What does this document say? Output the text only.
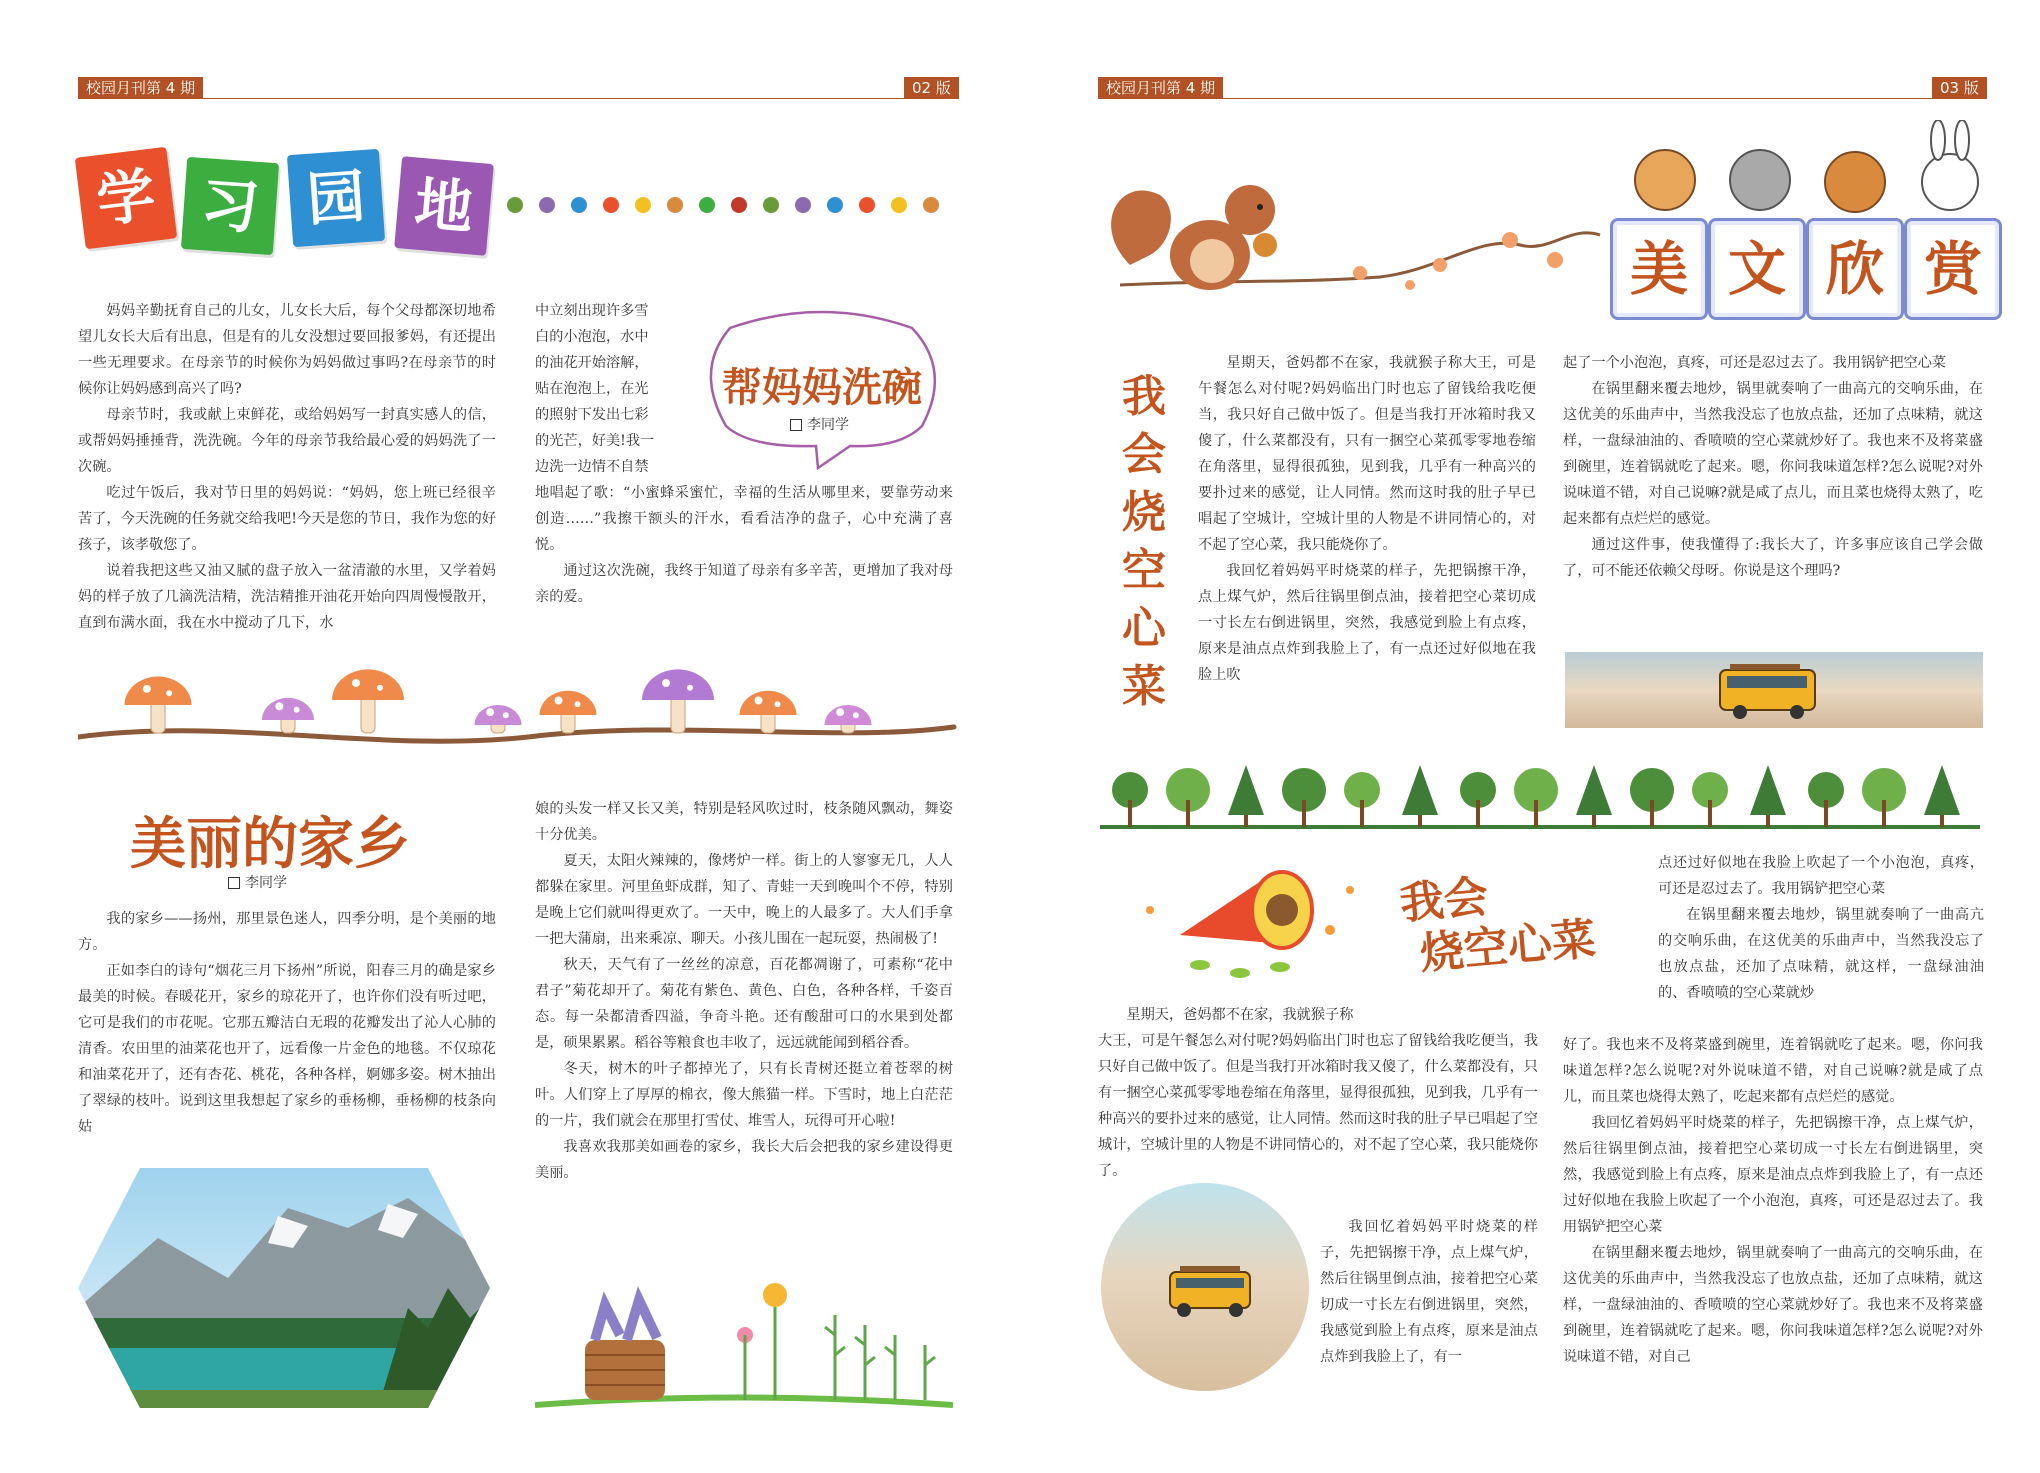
校园月刊第 4 期	02 版
学 习 园 地

妈妈辛勤抚育自己的儿女，儿女长大后，每个父母都深切地希望儿女长大后有出息，但是有的儿女没想过要回报爹妈，有还提出一些无理要求。在母亲节的时候你为妈妈做过事吗?在母亲节的时候你让妈妈感到高兴了吗?

母亲节时，我或献上束鲜花，或给妈妈写一封真实感人的信，或帮妈妈捶捶背，洗洗碗。今年的母亲节我给最心爱的妈妈洗了一次碗。

吃过午饭后，我对节日里的妈妈说：“妈妈，您上班已经很辛苦了，今天洗碗的任务就交给我吧!今天是您的节日，我作为您的好孩子，该孝敬您了。

说着我把这些又油又腻的盘子放入一盆清澈的水里，又学着妈妈的样子放了几滴洗洁精，洗洁精推开油花开始向四周慢慢散开，直到布满水面，我在水中搅动了几下，水

中立刻出现许多雪

白的小泡泡，水中

的油花开始溶解，

贴在泡泡上，在光

的照射下发出七彩

的光芒，好美!我一

边洗一边情不自禁

地唱起了歌：“小蜜蜂采蜜忙，幸福的生活从哪里来，要靠劳动来创造……”我擦干额头的汗水，看看洁净的盘子，心中充满了喜悦。

通过这次洗碗，我终于知道了母亲有多辛苦，更增加了我对母亲的爱。

帮妈妈洗碗
李同学
美丽的家乡
李同学

我的家乡——扬州，那里景色迷人，四季分明，是个美丽的地方。

正如李白的诗句“烟花三月下扬州”所说，阳春三月的确是家乡最美的时候。春暖花开，家乡的琼花开了，也许你们没有听过吧，它可是我们的市花呢。它那五瓣洁白无瑕的花瓣发出了沁人心肺的清香。农田里的油菜花也开了，远看像一片金色的地毯。不仅琼花和油菜花开了，还有杏花、桃花，各种各样，婀娜多姿。树木抽出了翠绿的枝叶。说到这里我想起了家乡的垂杨柳，垂杨柳的枝条向姑

娘的头发一样又长又美，特别是轻风吹过时，枝条随风飘动，舞姿十分优美。

夏天，太阳火辣辣的，像烤炉一样。街上的人寥寥无几，人人都躲在家里。河里鱼虾成群，知了、青蛙一天到晚叫个不停，特别是晚上它们就叫得更欢了。一天中，晚上的人最多了。大人们手拿一把大蒲扇，出来乘凉、聊天。小孩儿围在一起玩耍，热闹极了!

秋天，天气有了一丝丝的凉意，百花都凋谢了，可素称“花中君子”菊花却开了。菊花有紫色、黄色、白色，各种各样，千姿百态。每一朵都清香四溢，争奇斗艳。还有酸甜可口的水果到处都是，硕果累累。稻谷等粮食也丰收了，远远就能闻到稻谷香。

冬天，树木的叶子都掉光了，只有长青树还挺立着苍翠的树叶。人们穿上了厚厚的棉衣，像大熊猫一样。下雪时，地上白茫茫的一片，我们就会在那里打雪仗、堆雪人，玩得可开心啦!

我喜欢我那美如画卷的家乡，我长大后会把我的家乡建设得更美丽。

校园月刊第 4 期	03 版
美 文 欣 赏
我
会
烧
空
心
菜

星期天，爸妈都不在家，我就猴子称大王，可是午餐怎么对付呢?妈妈临出门时也忘了留钱给我吃便当，我只好自己做中饭了。但是当我打开冰箱时我又傻了，什么菜都没有，只有一捆空心菜孤零零地卷缩在角落里，显得很孤独，见到我，几乎有一种高兴的要扑过来的感觉，让人同情。然而这时我的肚子早已唱起了空城计，空城计里的人物是不讲同情心的，对不起了空心菜，我只能烧你了。

我回忆着妈妈平时烧菜的样子，先把锅擦干净，点上煤气炉，然后往锅里倒点油，接着把空心菜切成一寸长左右倒进锅里，突然，我感觉到脸上有点疼，原来是油点点炸到我脸上了，有一点还过好似地在我脸上吹

起了一个小泡泡，真疼，可还是忍过去了。我用锅铲把空心菜

在锅里翻来覆去地炒，锅里就奏响了一曲高亢的交响乐曲，在这优美的乐曲声中，当然我没忘了也放点盐，还加了点味精，就这样，一盘绿油油的、香喷喷的空心菜就炒好了。我也来不及将菜盛到碗里，连着锅就吃了起来。嗯，你问我味道怎样?怎么说呢?对外说味道不错，对自己说嘛?就是咸了点儿，而且菜也烧得太熟了，吃起来都有点烂烂的感觉。

通过这件事，使我懂得了:我长大了，许多事应该自己学会做了，可不能还依赖父母呀。你说是这个理吗?

我会
烧空心菜

星期天，爸妈都不在家，我就猴子称

大王，可是午餐怎么对付呢?妈妈临出门时也忘了留钱给我吃便当，我只好自己做中饭了。但是当我打开冰箱时我又傻了，什么菜都没有，只有一捆空心菜孤零零地卷缩在角落里，显得很孤独，见到我，几乎有一种高兴的要扑过来的感觉，让人同情。然而这时我的肚子早已唱起了空城计，空城计里的人物是不讲同情心的，对不起了空心菜，我只能烧你了。

我回忆着妈妈平时烧菜的样子，先把锅擦干净，点上煤气炉，然后往锅里倒点油，接着把空心菜切成一寸长左右倒进锅里，突然，我感觉到脸上有点疼，原来是油点点炸到我脸上了，有一

点还过好似地在我脸上吹起了一个小泡泡，真疼，可还是忍过去了。我用锅铲把空心菜

在锅里翻来覆去地炒，锅里就奏响了一曲高亢的交响乐曲，在这优美的乐曲声中，当然我没忘了也放点盐，还加了点味精，就这样，一盘绿油油的、香喷喷的空心菜就炒

好了。我也来不及将菜盛到碗里，连着锅就吃了起来。嗯，你问我味道怎样?怎么说呢?对外说味道不错，对自己说嘛?就是咸了点儿，而且菜也烧得太熟了，吃起来都有点烂烂的感觉。

我回忆着妈妈平时烧菜的样子，先把锅擦干净，点上煤气炉，然后往锅里倒点油，接着把空心菜切成一寸长左右倒进锅里，突然，我感觉到脸上有点疼，原来是油点点炸到我脸上了，有一点还过好似地在我脸上吹起了一个小泡泡，真疼，可还是忍过去了。我用锅铲把空心菜

在锅里翻来覆去地炒，锅里就奏响了一曲高亢的交响乐曲，在这优美的乐曲声中，当然我没忘了也放点盐，还加了点味精，就这样，一盘绿油油的、香喷喷的空心菜就炒好了。我也来不及将菜盛到碗里，连着锅就吃了起来。嗯，你问我味道怎样?怎么说呢?对外说味道不错，对自己
